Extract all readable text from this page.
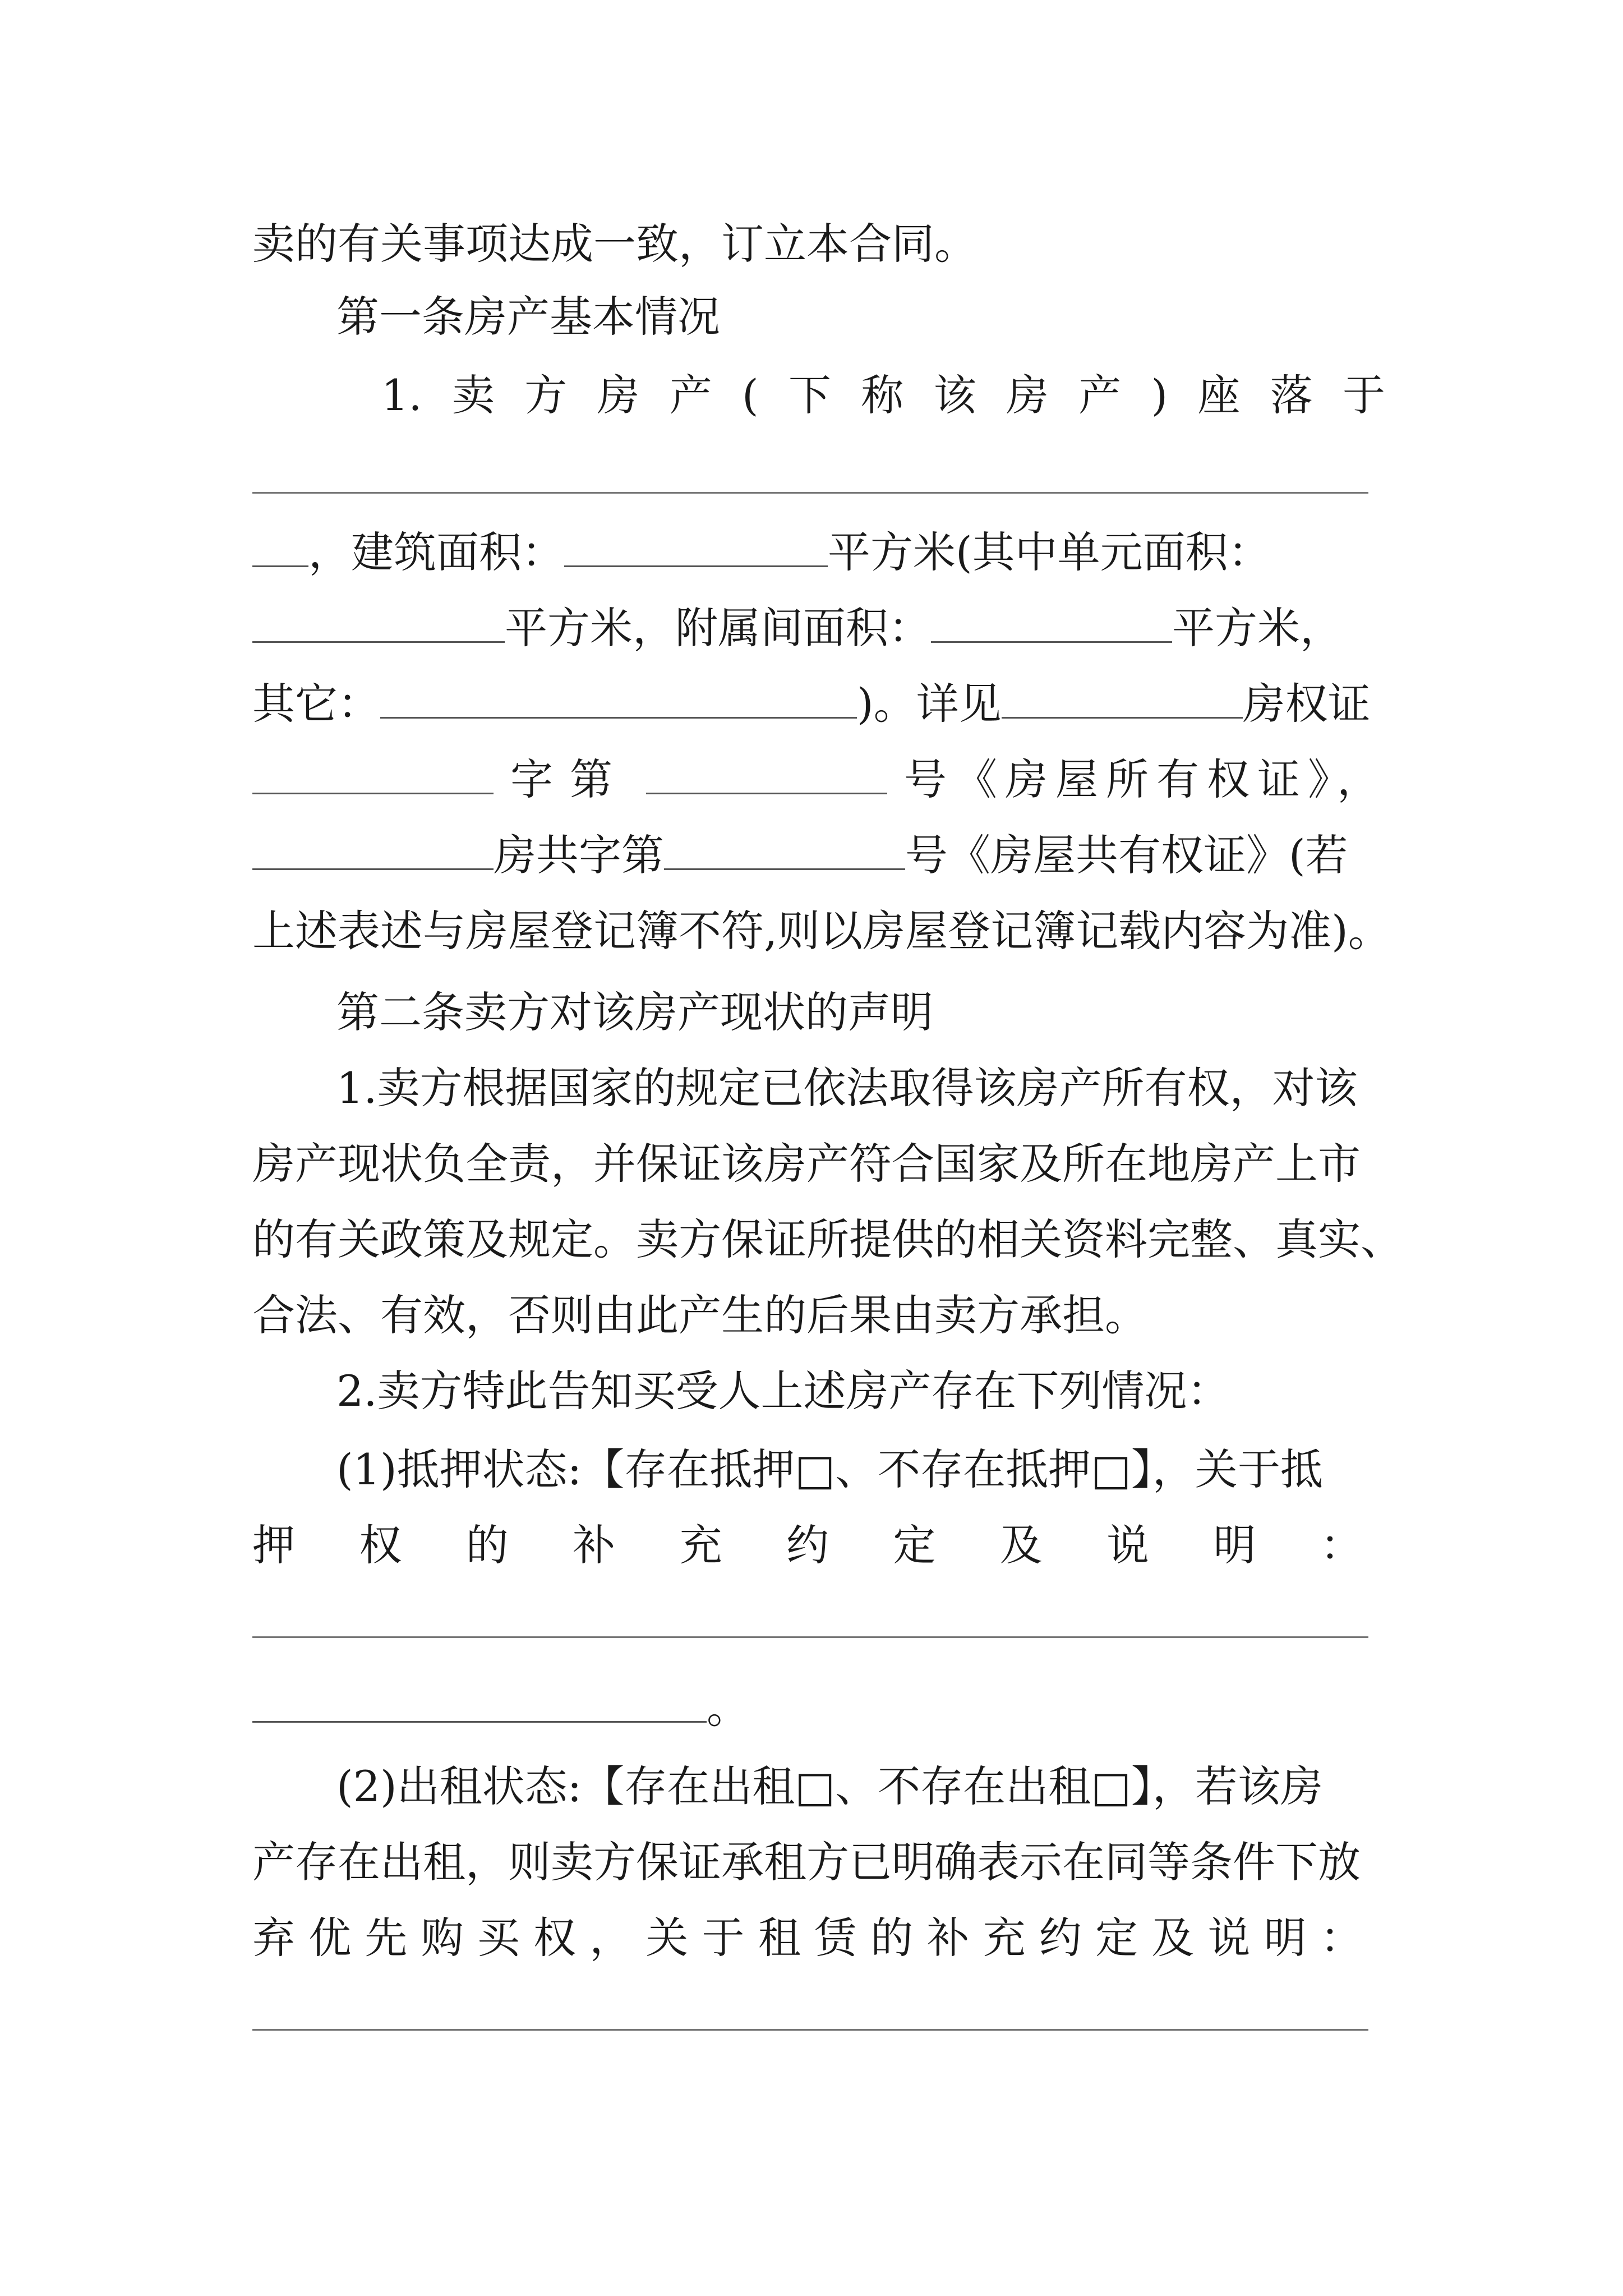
卖的有关事项达成一致，订立本合同。
第一条房产基本情况
1. 卖 方 房 产 ( 下 称 该 房 产 ) 座 落 于
，建筑面积：	平方米(其中单元面积：
平方米，附属间面积：	平方米，
其它：	)。详见	房权证
字第	号《房屋所有权证》，
房共字第	号《房屋共有权证》(若
上述表述与房屋登记簿不符,则以房屋登记簿记载内容为准)。
第二条卖方对该房产现状的声明
1.卖方根据国家的规定已依法取得该房产所有权，对该
房产现状负全责，并保证该房产符合国家及所在地房产上市
的有关政策及规定。卖方保证所提供的相关资料完整、真实、
合法、有效，否则由此产生的后果由卖方承担。
2.卖方特此告知买受人上述房产存在下列情况：
(1)抵押状态:【存在抵押□、不存在抵押□】，关于抵
押 权 的 补 充 约 定 及 说 明 ：
。
(2)出租状态:【存在出租□、不存在出租□】，若该房
产存在出租，则卖方保证承租方已明确表示在同等条件下放
弃 优 先 购 买 权 ， 关 于 租 赁 的 补 充 约 定 及 说 明 ：
